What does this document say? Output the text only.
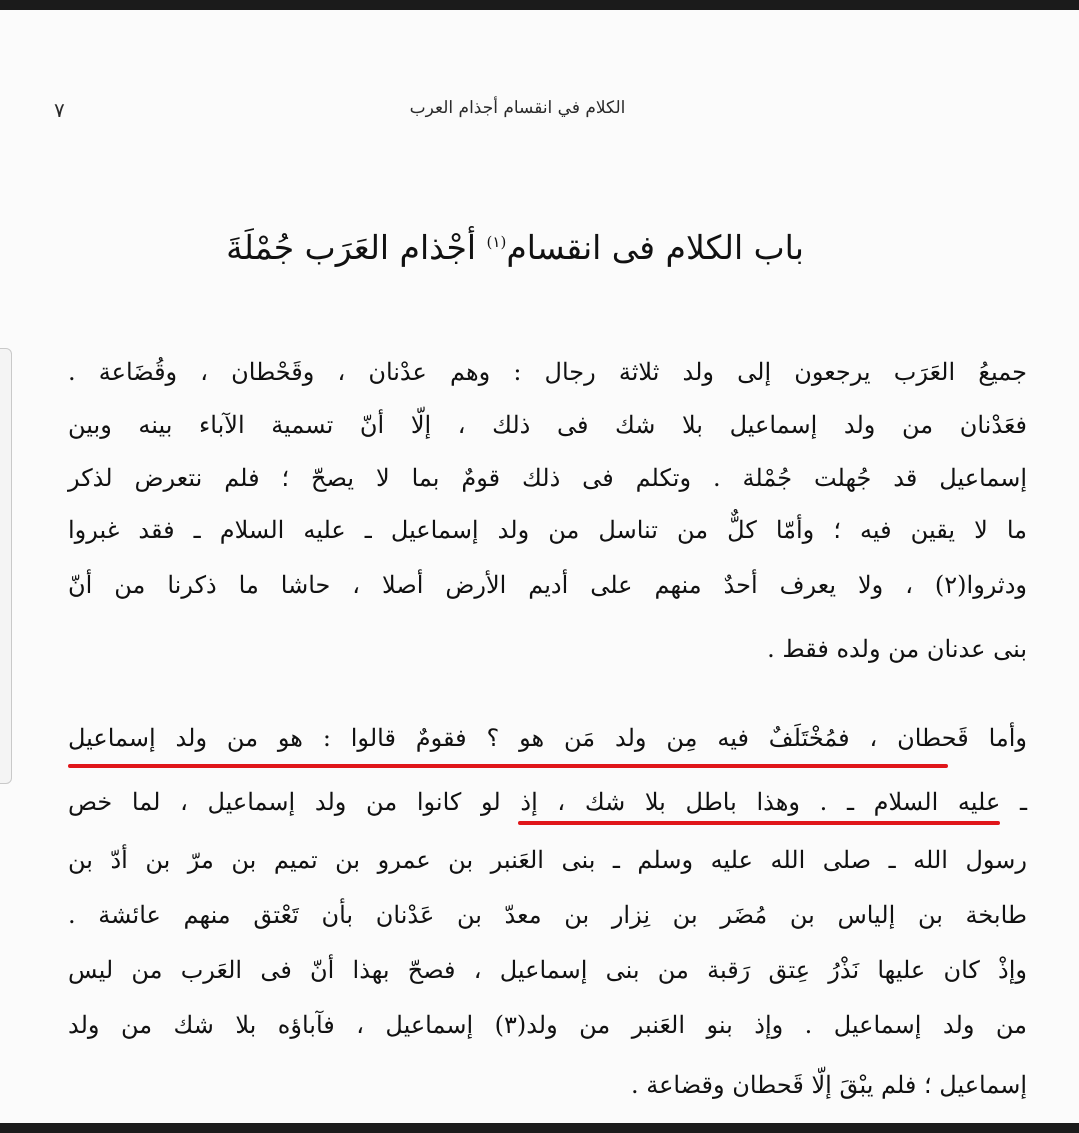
الكلام في انقسام أجذام العرب
٧
باب الكلام فى انقسام$^{(١)}$ أجْذام العَرَب جُمْلَةَ
جميعُ العَرَب يرجعون إلى ولد ثلاثة رجال : وهم عدْنان ، وقَحْطان ، وقُضَاعة .
فعَدْنان من ولد إسماعيل بلا شك فى ذلك ، إلّا أنّ تسمية الآباء بينه وبين
إسماعيل قد جُهلت جُمْلة . وتكلم فى ذلك قومٌ بما لا يصحّ ؛ فلم نتعرض لذكر
ما لا يقين فيه ؛ وأمّا كلٌّ من تناسل من ولد إسماعيل ـ عليه السلام ـ فقد غبروا
ودثروا(٢) ، ولا يعرف أحدٌ منهم على أديم الأرض أصلا ، حاشا ما ذكرنا من أنّ
بنى عدنان من ولده فقط .
وأما قَحطان ، فمُخْتَلَفٌ فيه مِن ولد مَن هو ؟ فقومٌ قالوا : هو من ولد إسماعيل
ـ عليه السلام ـ . وهذا باطل بلا شك ، إذ لو كانوا من ولد إسماعيل ، لما خص
رسول الله ـ صلى الله عليه وسلم ـ بنى العَنبر بن عمرو بن تميم بن مرّ بن أدّ بن
طابخة بن إلياس بن مُضَر بن نِزار بن معدّ بن عَدْنان بأن تَعْتق منهم عائشة .
وإذْ كان عليها نَذْرُ عِتق رَقبة من بنى إسماعيل ، فصحّ بهذا أنّ فى العَرب من ليس
من ولد إسماعيل . وإذ بنو العَنبر من ولد(٣) إسماعيل ، فآباؤه بلا شك من ولد
إسماعيل ؛ فلم يبْقَ إلّا قَحطان وقضاعة .
